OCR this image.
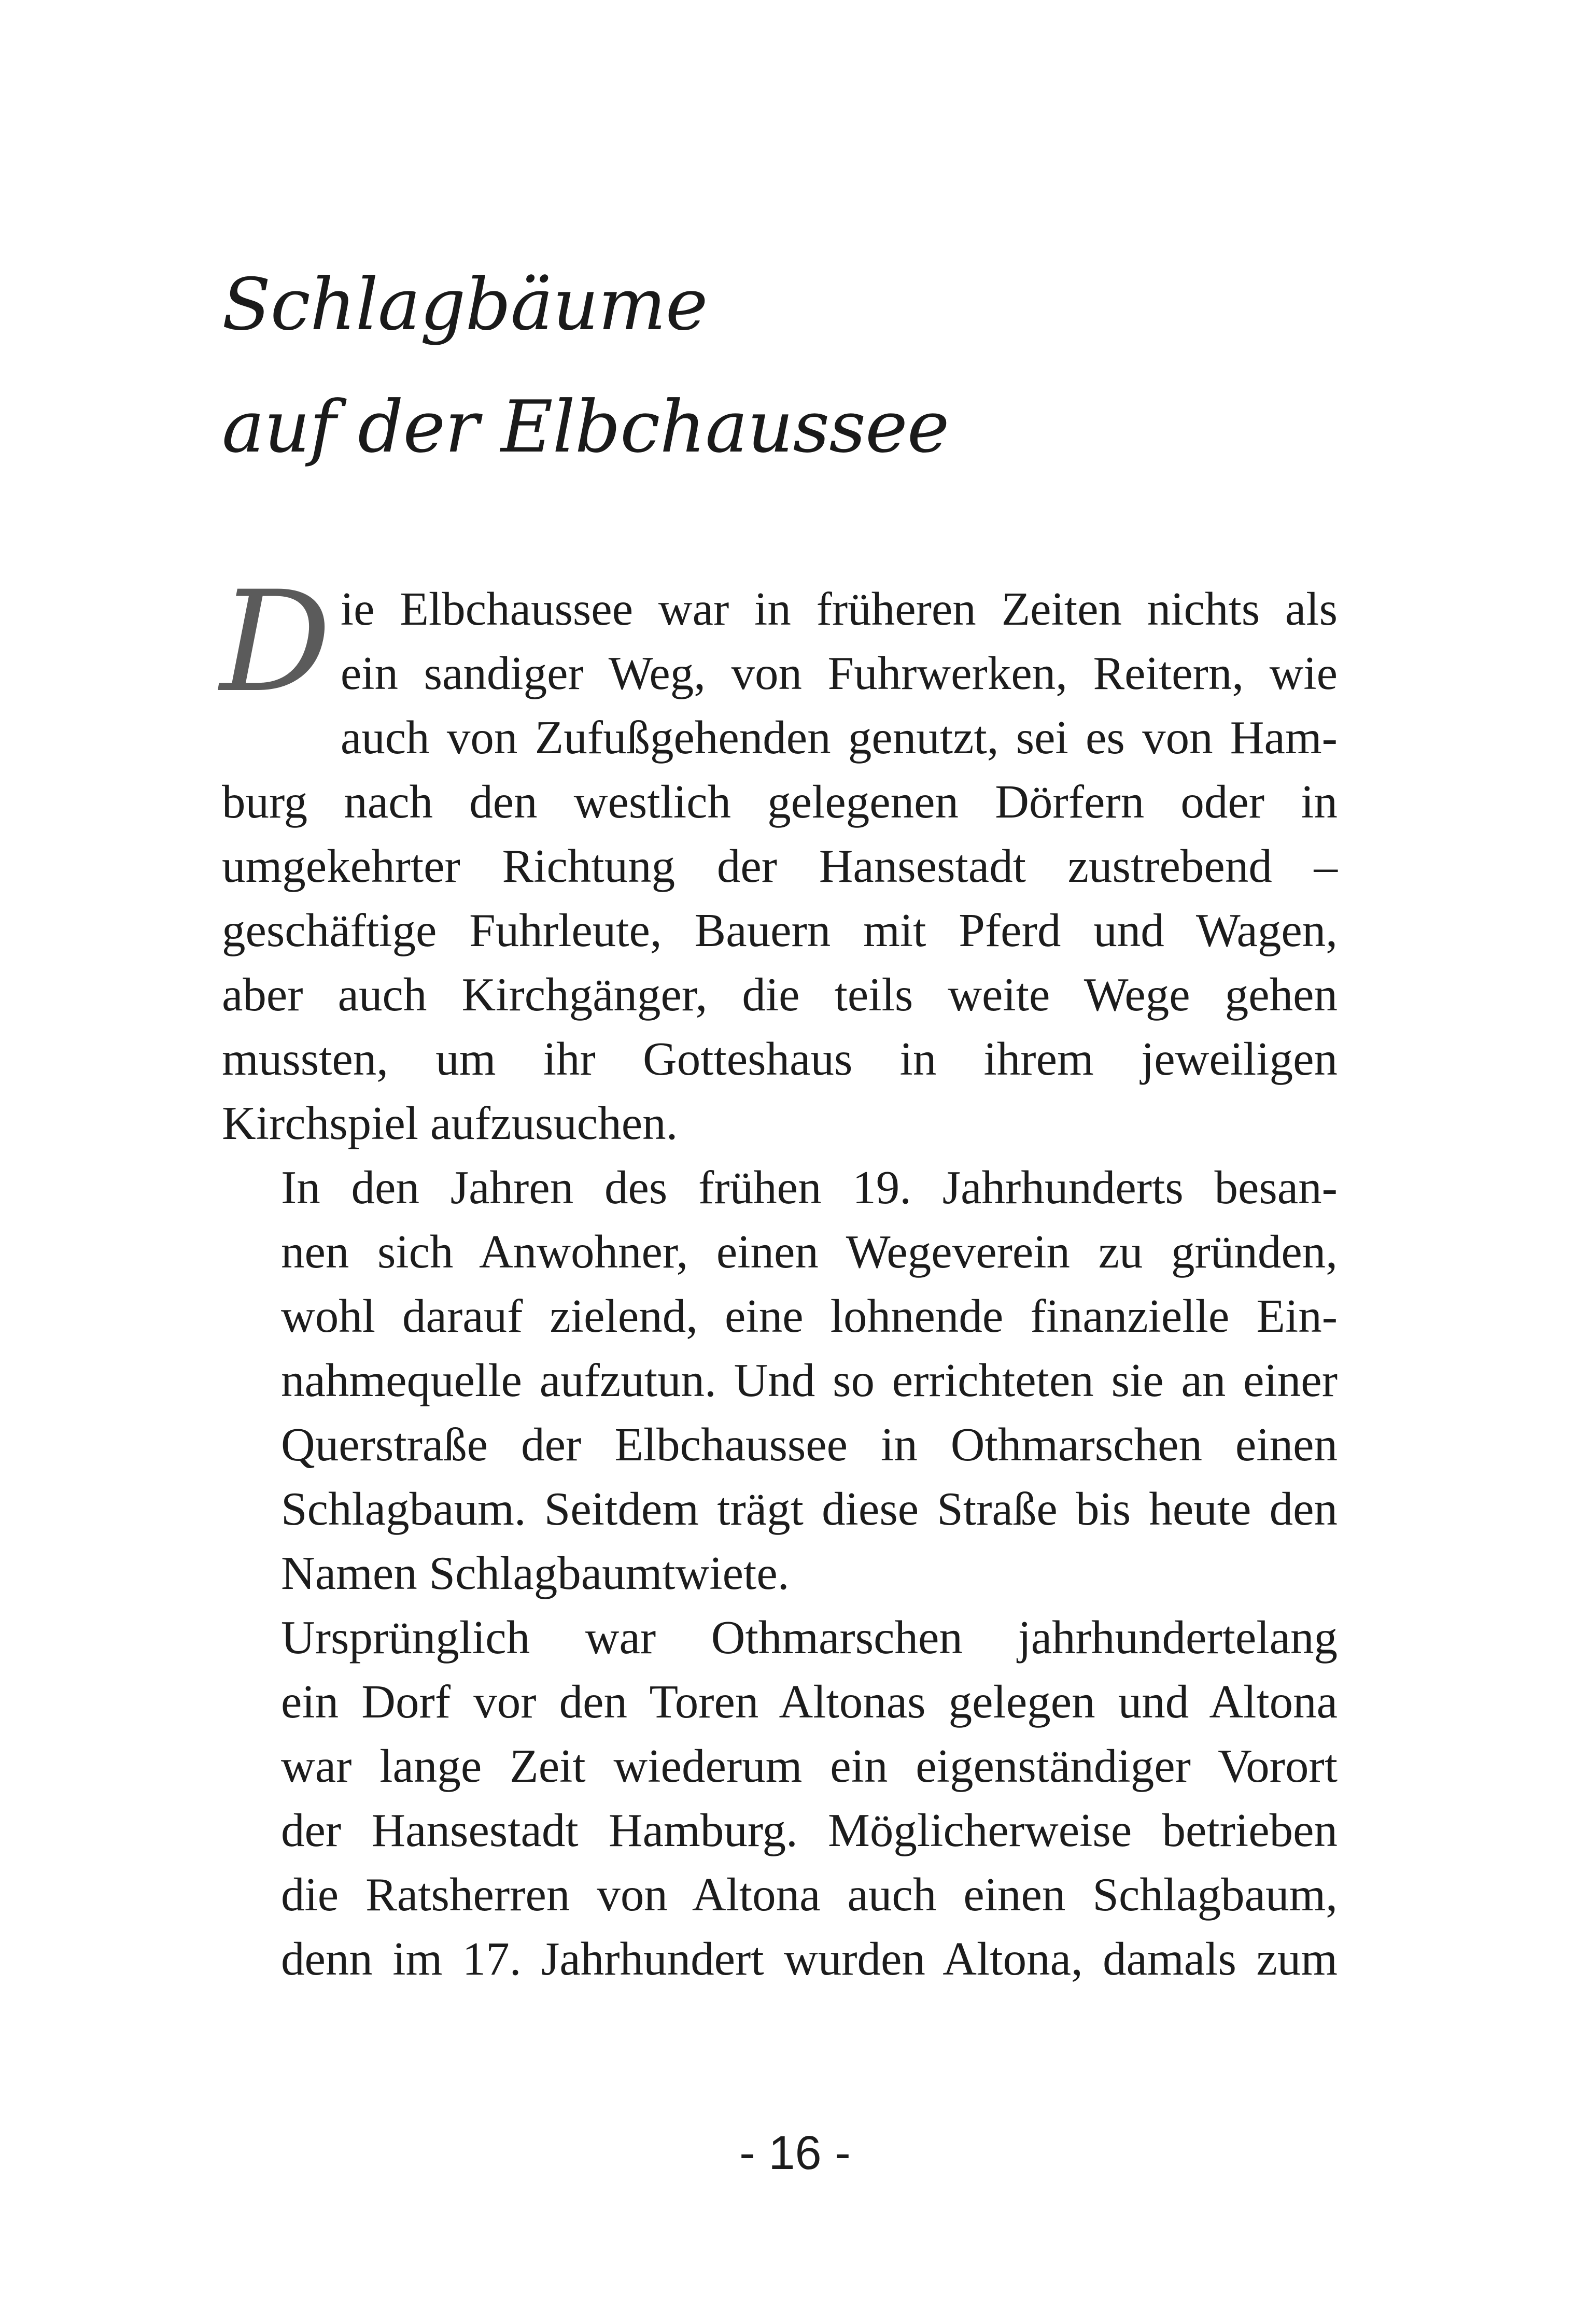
Schlagbäume
auf der Elbchaussee

D ie Elbchaussee war in früheren Zeiten nichts als
ein sandiger Weg, von Fuhrwerken, Reitern, wie
auch von Zufußgehenden genutzt, sei es von Ham-
burg nach den westlich gelegenen Dörfern oder in
umgekehrter Richtung der Hansestadt zustrebend –
geschäftige Fuhrleute, Bauern mit Pferd und Wagen,
aber auch Kirchgänger, die teils weite Wege gehen
mussten, um ihr Gotteshaus in ihrem jeweiligen
Kirchspiel aufzusuchen.

In den Jahren des frühen 19. Jahrhunderts besan-
nen sich Anwohner, einen Wegeverein zu gründen,
wohl darauf zielend, eine lohnende finanzielle Ein-
nahmequelle aufzutun. Und so errichteten sie an einer
Querstraße der Elbchaussee in Othmarschen einen
Schlagbaum. Seitdem trägt diese Straße bis heute den
Namen Schlagbaumtwiete.

Ursprünglich war Othmarschen jahrhundertelang
ein Dorf vor den Toren Altonas gelegen und Altona
war lange Zeit wiederum ein eigenständiger Vorort
der Hansestadt Hamburg. Möglicherweise betrieben
die Ratsherren von Altona auch einen Schlagbaum,
denn im 17. Jahrhundert wurden Altona, damals zum

- 16 -
